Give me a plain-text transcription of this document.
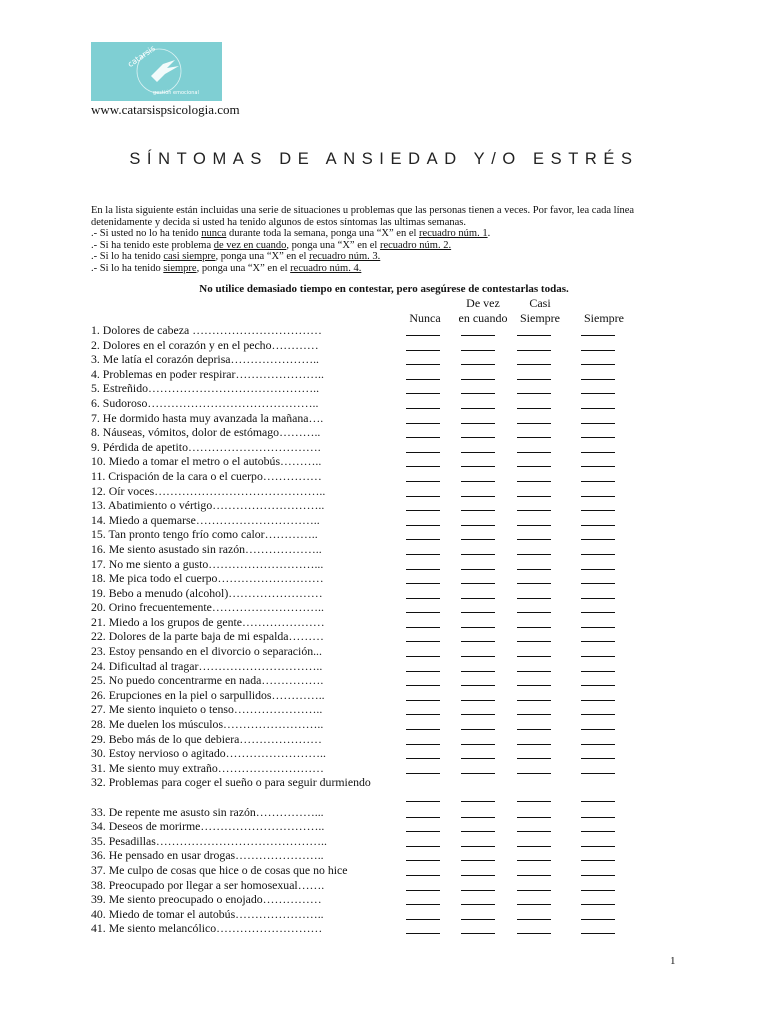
catarsis
gestión emocional
www.catarsispsicologia.com
SÍNTOMAS DE ANSIEDAD Y/O ESTRÉS

En la lista siguiente están incluidas una serie de situaciones u problemas que las personas tienen a veces. Por favor, lea cada línea detenidamente y decida si usted ha tenido algunos de estos síntomas las ultimas semanas.

.- Si usted no lo ha tenido nunca durante toda la semana, ponga una “X” en el recuadro núm. 1.

.- Si ha tenido este problema de vez en cuando, ponga una “X” en el recuadro núm. 2.

.- Si lo ha tenido casi siempre, ponga una “X” en el recuadro núm. 3.

.- Si lo ha tenido siempre, ponga una “X” en el recuadro núm. 4.

No utilice demasiado tiempo en contestar, pero asegúrese de contestarlas todas.
Nunca
De vez
en cuando
Casi
Siempre	Siempre
1. Dolores de cabeza ……………………………
2. Dolores en el corazón y en el pecho…………
3. Me latía el corazón deprisa…………………..
4. Problemas en poder respirar…………………..
5. Estreñido……………………………………..
6. Sudoroso……………………………………..
7. He dormido hasta muy avanzada la mañana….
8. Náuseas, vómitos, dolor de estómago………..
9. Pérdida de apetito…………………………….
10. Miedo a tomar el metro o el autobús………..
11. Crispación de la cara o el cuerpo……………
12. Oír voces……………………………………..
13. Abatimiento o vértigo………………………..
14. Miedo a quemarse…………………………..
15. Tan pronto tengo frío como calor…………..
16. Me siento asustado sin razón………………..
17. No me siento a gusto………………………...
18. Me pica todo el cuerpo………………………
19. Bebo a menudo (alcohol)……………………
20. Orino frecuentemente………………………..
21. Miedo a los grupos de gente…………………
22. Dolores de la parte baja de mi espalda………
23. Estoy pensando en el divorcio o separación...
24. Dificultad al tragar…………………………..
25. No puedo concentrarme en nada…………….
26. Erupciones en la piel o sarpullidos…………..
27. Me siento inquieto o tenso…………………..
28. Me duelen los músculos……………………..
29. Bebo más de lo que debiera…………………
30. Estoy nervioso o agitado……………………..
31. Me siento muy extraño………………………
32. Problemas para coger el sueño o para seguir durmiendo
33. De repente me asusto sin razón……………...
34. Deseos de morirme…………………………..
35. Pesadillas……………………………………..
36. He pensado en usar drogas…………………..
37. Me culpo de cosas que hice o de cosas que no hice
38. Preocupado por llegar a ser homosexual…….
39. Me siento preocupado o enojado……………
40. Miedo de tomar el autobús…………………..
41. Me siento melancólico………………………
1
